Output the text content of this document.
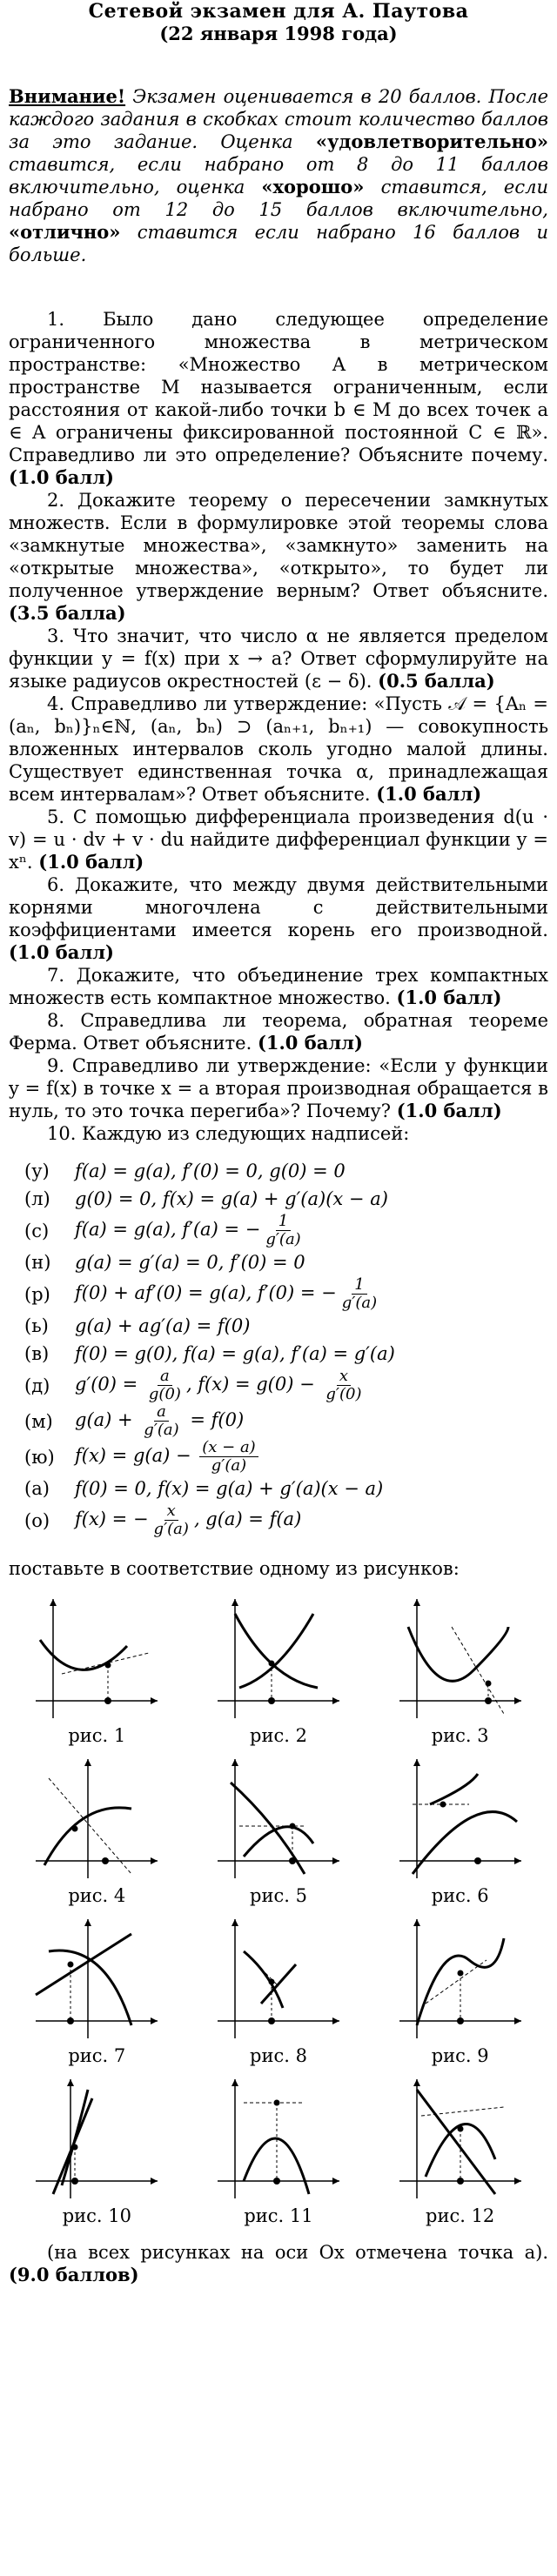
Сетевой экзамен для А. Паутова
(22 января 1998 года)
Внимание! Экзамен оценивается в 20 баллов. После каждого задания в скобках стоит количество баллов за это задание. Оценка «удовлетворительно» ставится, если набрано от 8 до 11 баллов включительно, оценка «хорошо» ставится, если набрано от 12 до 15 баллов включительно, «отлично» ставится если набрано 16 баллов и больше.
1. Было дано следующее определение ограниченного множества в метрическом пространстве: «Множество A в метрическом пространстве M называется ограниченным, если расстояния от какой-либо точки b ∈ M до всех точек a ∈ A ограничены фиксированной постоянной C ∈ ℝ». Справедливо ли это определение? Объясните почему. (1.0 балл)
2. Докажите теорему о пересечении замкнутых множеств. Если в формулировке этой теоремы слова «замкнутые множества», «замкнуто» заменить на «открытые множества», «открыто», то будет ли полученное утверждение верным? Ответ объясните. (3.5 балла)
3. Что значит, что число α не является пределом функции y = f(x) при x → a? Ответ сформулируйте на языке радиусов окрестностей (ε − δ). (0.5 балла)
4. Справедливо ли утверждение: «Пусть 𝒜 = {Aₙ = (aₙ, bₙ)}ₙ∈ℕ, (aₙ, bₙ) ⊃ (aₙ₊₁, bₙ₊₁) — совокупность вложенных интервалов сколь угодно малой длины. Существует единственная точка α, принадлежащая всем интервалам»? Ответ объясните. (1.0 балл)
5. С помощью дифференциала произведения d(u · v) = u · dv + v · du найдите дифференциал функции y = xⁿ. (1.0 балл)
6. Докажите, что между двумя действительными корнями многочлена с действительными коэффициентами имеется корень его производной. (1.0 балл)
7. Докажите, что объединение трех компактных множеств есть компактное множество. (1.0 балл)
8. Справедлива ли теорема, обратная теореме Ферма. Ответ объясните. (1.0 балл)
9. Справедливо ли утверждение: «Если у функции y = f(x) в точке x = a вторая производная обращается в нуль, то это точка перегиба»? Почему? (1.0 балл)
10. Каждую из следующих надписей:
(у)	f(a) = g(a), f′(0) = 0, g(0) = 0
(л)	g(0) = 0, f(x) = g(a) + g′(a)(x − a)
(с)	f(a) = g(a), f′(a) = − $\frac{1}{g'(a)}$
(н)	g(a) = g′(a) = 0, f′(0) = 0
(р)	f(0) + af′(0) = g(a), f′(0) = − $\frac{1}{g'(a)}$
(ь)	g(a) + ag′(a) = f(0)
(в)	f(0) = g(0), f(a) = g(a), f′(a) = g′(a)
(д)	$g'(0) = \frac{a}{g(0)}$ , $f(x) = g(0) - \frac{x}{g'(0)}$
(м)	$g(a) + \frac{a}{g'(a)} = f(0)$
(ю)	$f(x) = g(a) - \frac{(x - a)}{g'(a)}$
(а)	f(0) = 0, f(x) = g(a) + g′(a)(x − a)
(о)	f(x) = − $\frac{x}{g'(a)}$ , g(a) = f(a)
поставьте в соответствие одному из рисунков:
рис. 1	рис. 2	рис. 3
рис. 4	рис. 5	рис. 6
рис. 7	рис. 8	рис. 9
рис. 10	рис. 11	рис. 12
(на всех рисунках на оси Ox отмечена точка a). (9.0 баллов)
